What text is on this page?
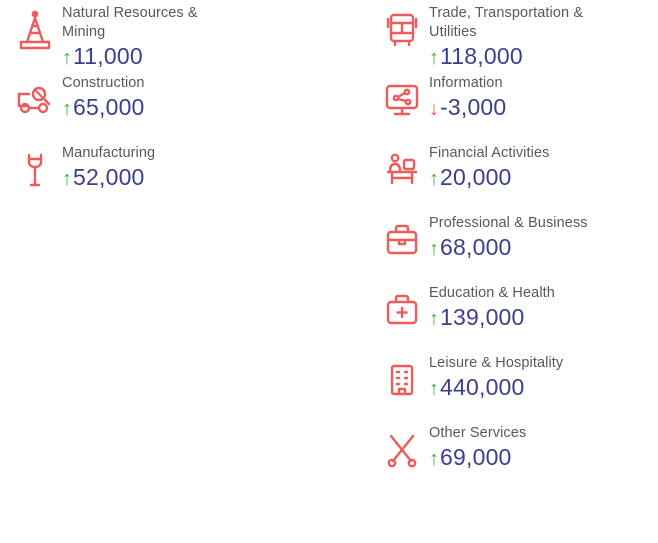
Natural Resources & Mining
↑ 11,000
Construction
↑ 65,000
Manufacturing
↑ 52,000
Trade, Transportation & Utilities
↑ 118,000
Information
↓ -3,000
Financial Activities
↑ 20,000
Professional & Business
↑ 68,000
Education & Health
↑ 139,000
Leisure & Hospitality
↑ 440,000
Other Services
↑ 69,000
